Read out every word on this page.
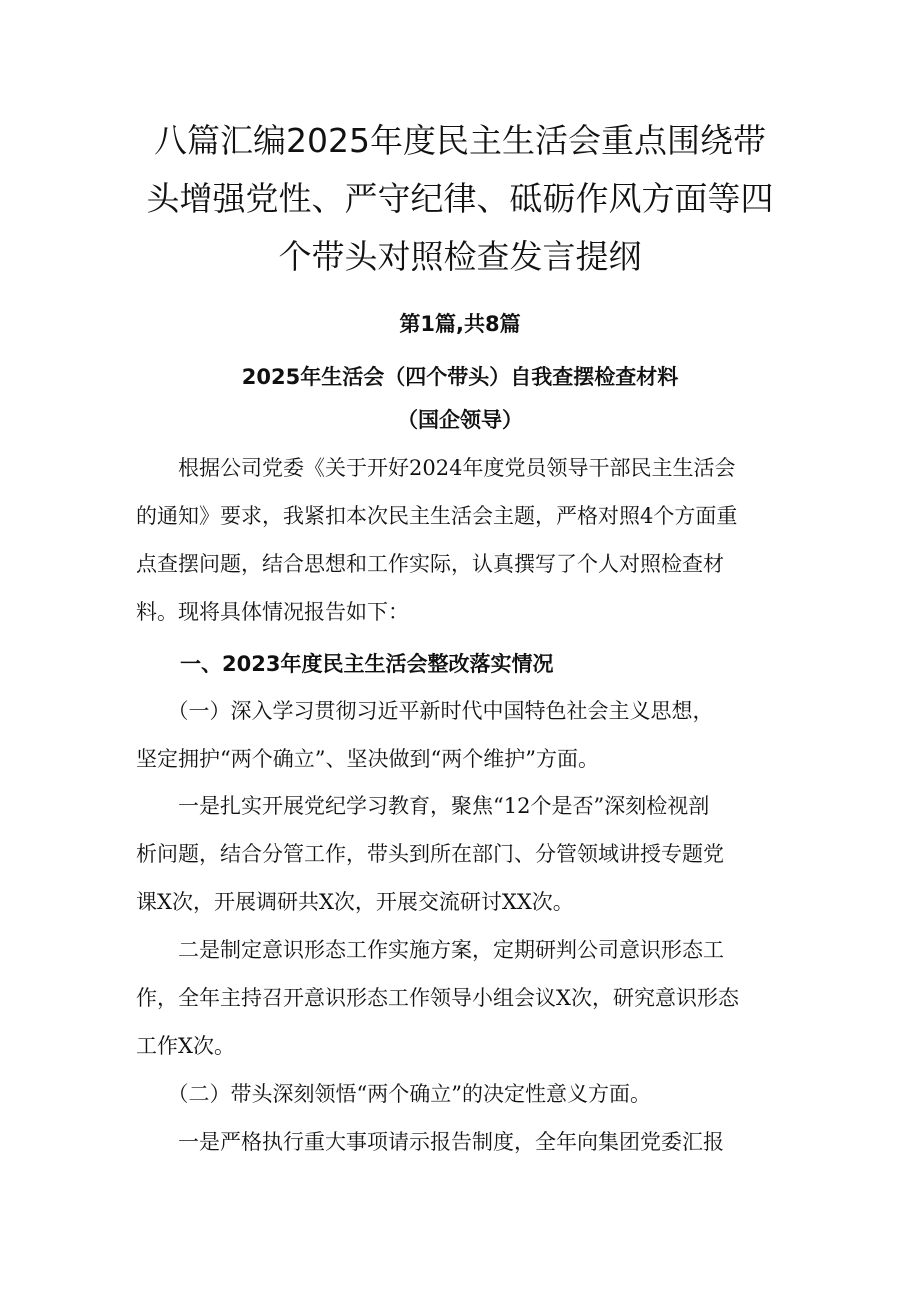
八篇汇编2025年度民主生活会重点围绕带
头增强党性、严守纪律、砥砺作风方面等四
个带头对照检查发言提纲

第1篇,共8篇

2025年生活会（四个带头）自我查摆检查材料

（国企领导）

　　根据公司党委《关于开好2024年度党员领导干部民主生活会
的通知》要求，我紧扣本次民主生活会主题，严格对照4个方面重
点查摆问题，结合思想和工作实际，认真撰写了个人对照检查材
料。现将具体情况报告如下：

一、2023年度民主生活会整改落实情况

　　（一）深入学习贯彻习近平新时代中国特色社会主义思想，
坚定拥护“两个确立”、坚决做到“两个维护”方面。
　　一是扎实开展党纪学习教育，聚焦“12个是否”深刻检视剖
析问题，结合分管工作，带头到所在部门、分管领域讲授专题党
课X次，开展调研共X次，开展交流研讨XX次。
　　二是制定意识形态工作实施方案，定期研判公司意识形态工
作，全年主持召开意识形态工作领导小组会议X次，研究意识形态
工作X次。
　　（二）带头深刻领悟“两个确立”的决定性意义方面。
　　一是严格执行重大事项请示报告制度，全年向集团党委汇报
